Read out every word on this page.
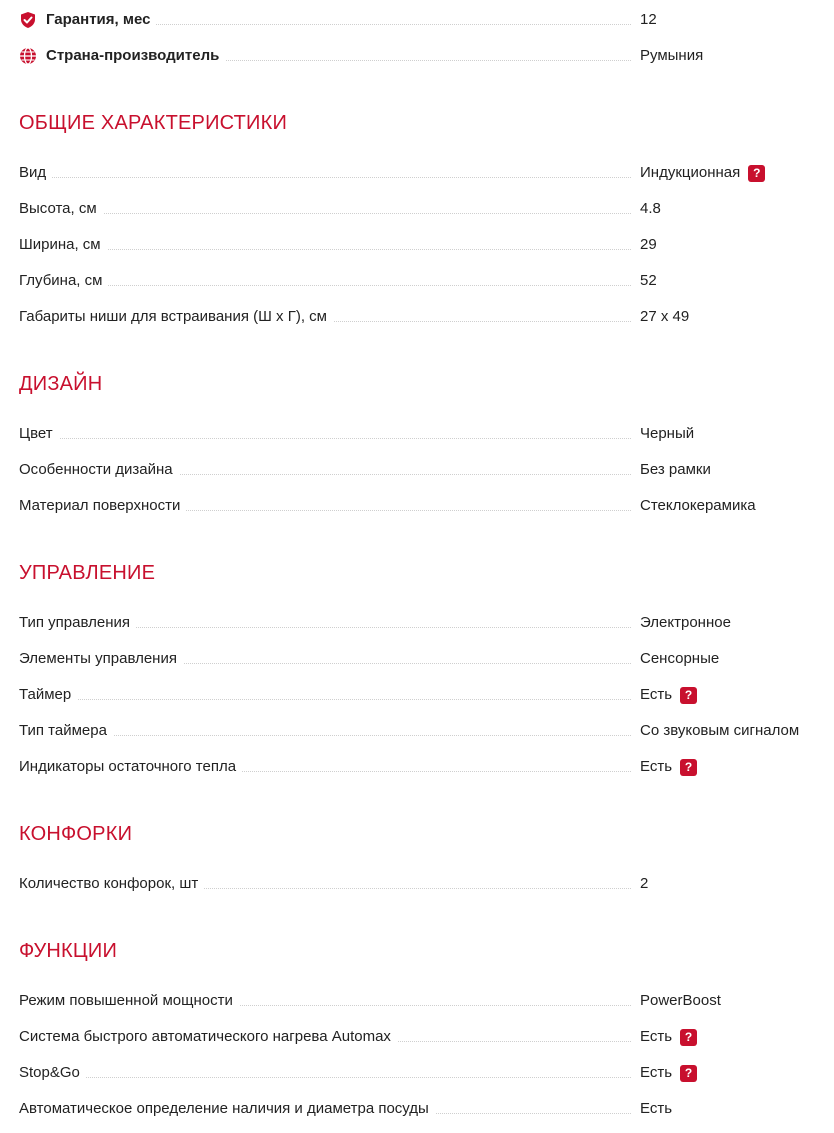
Гарантия, мес	12
Страна-производитель	Румыния
ОБЩИЕ ХАРАКТЕРИСТИКИ
Вид	Индукционная	?
Высота, см	4.8
Ширина, см	29
Глубина, см	52
Габариты ниши для встраивания (Ш х Г), см	27 x 49
ДИЗАЙН
Цвет	Черный
Особенности дизайна	Без рамки
Материал поверхности	Стеклокерамика
УПРАВЛЕНИЕ
Тип управления	Электронное
Элементы управления	Сенсорные
Таймер	Есть	?
Тип таймера	Со звуковым сигналом
Индикаторы остаточного тепла	Есть	?
КОНФОРКИ
Количество конфорок, шт	2
ФУНКЦИИ
Режим повышенной мощности	PowerBoost
Система быстрого автоматического нагрева Automax	Есть	?
Stop&Go	Есть	?
Автоматическое определение наличия и диаметра посуды	Есть
